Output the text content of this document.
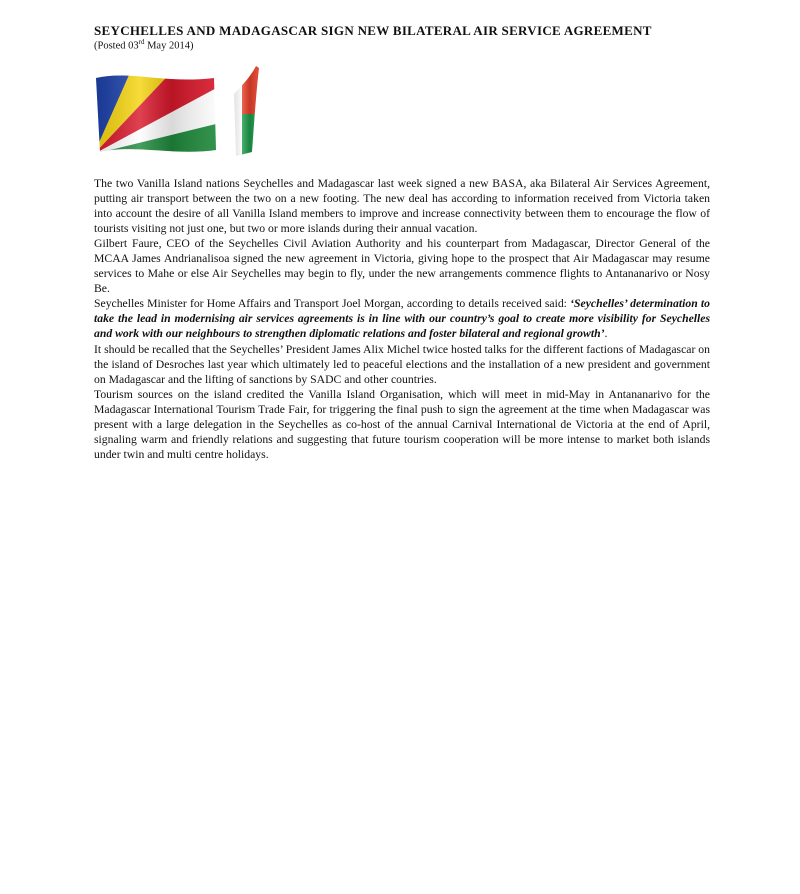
SEYCHELLES AND MADAGASCAR SIGN NEW BILATERAL AIR SERVICE AGREEMENT
(Posted 03rd May 2014)

The two Vanilla Island nations Seychelles and Madagascar last week signed a new BASA, aka Bilateral Air Services Agreement, putting air transport between the two on a new footing. The new deal has according to information received from Victoria taken into account the desire of all Vanilla Island members to improve and increase connectivity between them to encourage the flow of tourists visiting not just one, but two or more islands during their annual vacation.

Gilbert Faure, CEO of the Seychelles Civil Aviation Authority and his counterpart from Madagascar, Director General of the MCAA James Andrianalisoa signed the new agreement in Victoria, giving hope to the prospect that Air Madagascar may resume services to Mahe or else Air Seychelles may begin to fly, under the new arrangements commence flights to Antananarivo or Nosy Be.

Seychelles Minister for Home Affairs and Transport Joel Morgan, according to details received said: ‘Seychelles’ determination to take the lead in modernising air services agreements is in line with our country’s goal to create more visibility for Seychelles and work with our neighbours to strengthen diplomatic relations and foster bilateral and regional growth’.

It should be recalled that the Seychelles’ President James Alix Michel twice hosted talks for the different factions of Madagascar on the island of Desroches last year which ultimately led to peaceful elections and the installation of a new president and government on Madagascar and the lifting of sanctions by SADC and other countries.

Tourism sources on the island credited the Vanilla Island Organisation, which will meet in mid-May in Antananarivo for the Madagascar International Tourism Trade Fair, for triggering the final push to sign the agreement at the time when Madagascar was present with a large delegation in the Seychelles as co-host of the annual Carnival International de Victoria at the end of April, signaling warm and friendly relations and suggesting that future tourism cooperation will be more intense to market both islands under twin and multi centre holidays.
